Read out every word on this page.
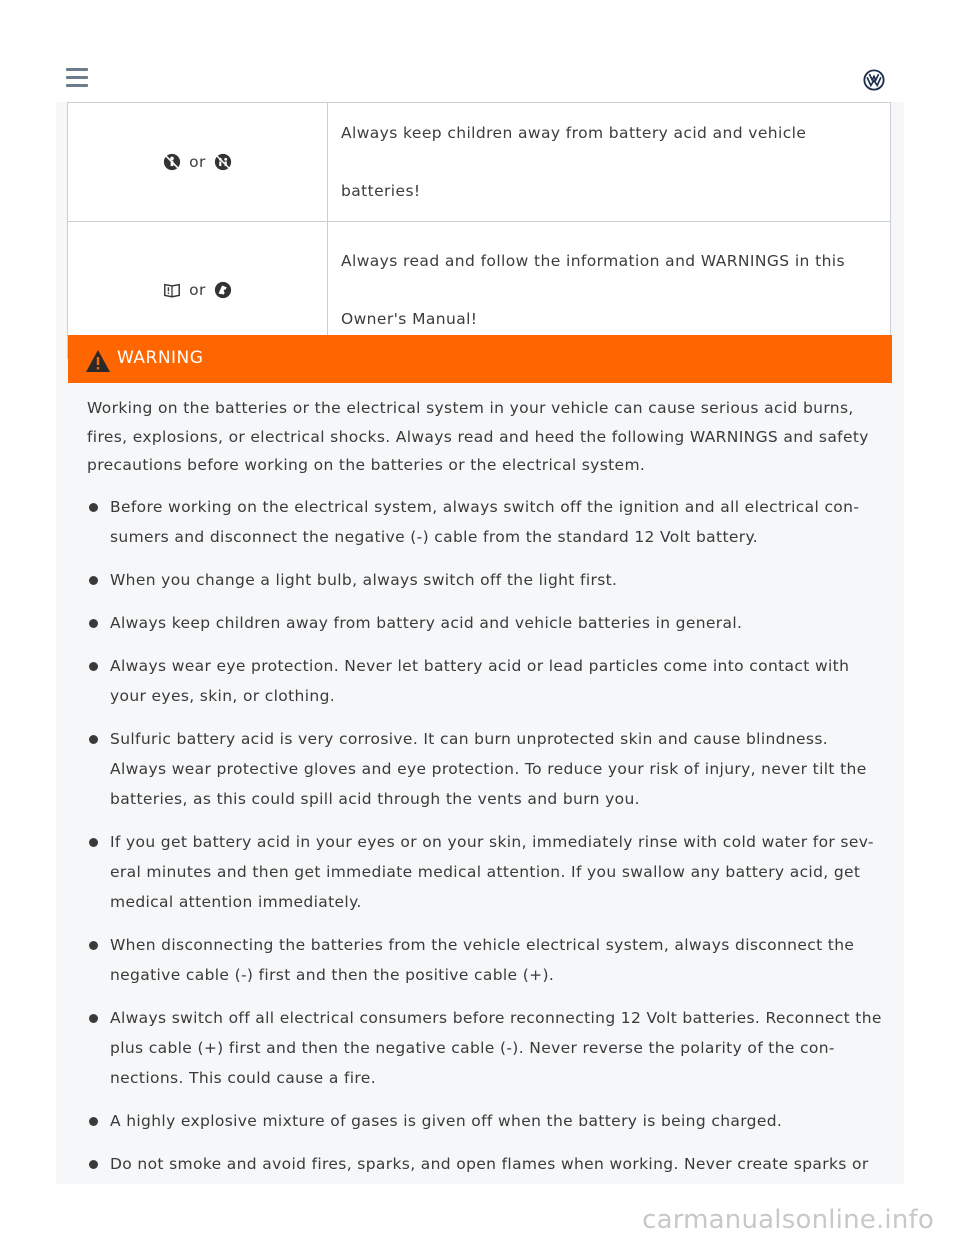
or	Always keep children away from battery acid and vehicle batteries!

or	Always read and follow the information and WARNINGS in this

Owner's Manual!

WARNING

Working on the batteries or the electrical system in your vehicle can cause serious acid burns, fires, explosions, or electrical shocks. Always read and heed the following WARNINGS and safety precautions before working on the batteries or the electrical system.

Before working on the electrical system, always switch off the ignition and all electrical con- sumers and disconnect the negative (-) cable from the standard 12 Volt battery.
When you change a light bulb, always switch off the light first.
Always keep children away from battery acid and vehicle batteries in general.
Always wear eye protection. Never let battery acid or lead particles come into contact with your eyes, skin, or clothing.
Sulfuric battery acid is very corrosive. It can burn unprotected skin and cause blindness. Always wear protective gloves and eye protection. To reduce your risk of injury, never tilt the batteries, as this could spill acid through the vents and burn you.
If you get battery acid in your eyes or on your skin, immediately rinse with cold water for sev- eral minutes and then get immediate medical attention. If you swallow any battery acid, get medical attention immediately.
When disconnecting the batteries from the vehicle electrical system, always disconnect the negative cable (-) first and then the positive cable (+).
Always switch off all electrical consumers before reconnecting 12 Volt batteries. Reconnect the plus cable (+) first and then the negative cable (-). Never reverse the polarity of the con- nections. This could cause a fire.
A highly explosive mixture of gases is given off when the battery is being charged.
Do not smoke and avoid fires, sparks, and open flames when working. Never create sparks or
carmanualsonline.info
